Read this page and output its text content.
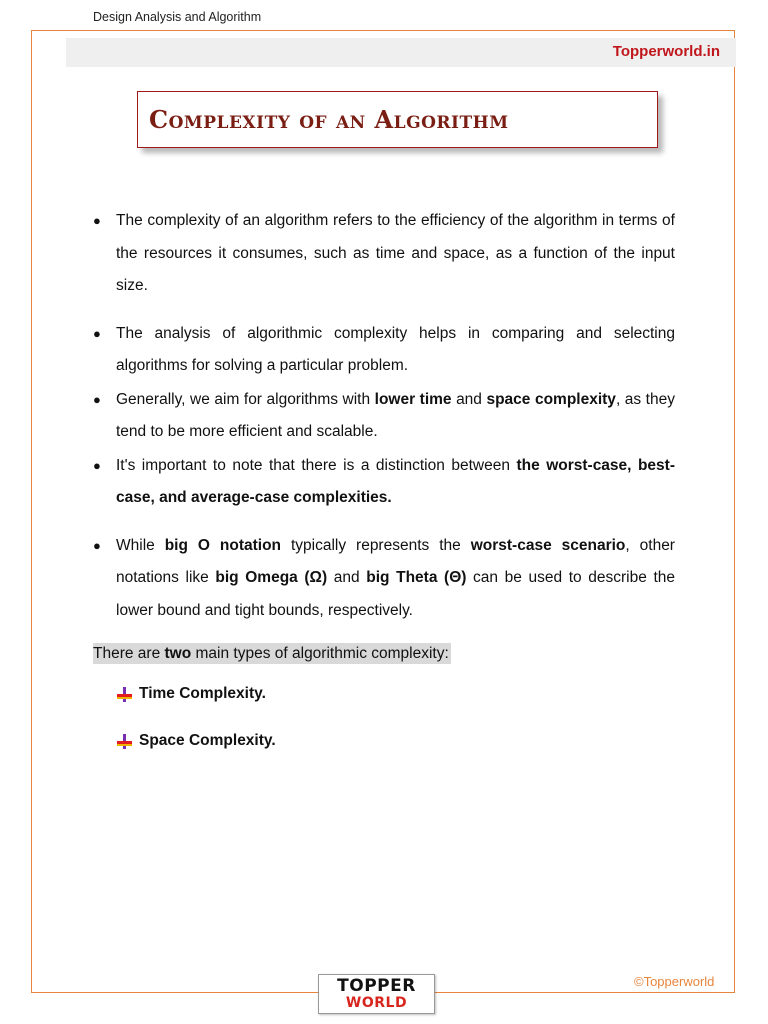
Design Analysis and Algorithm
Topperworld.in
Complexity of an Algorithm
● The complexity of an algorithm refers to the efficiency of the algorithm in terms of the resources it consumes, such as time and space, as a function of the input size.
● The analysis of algorithmic complexity helps in comparing and selecting algorithms for solving a particular problem.
● Generally, we aim for algorithms with lower time and space complexity, as they tend to be more efficient and scalable.
● It's important to note that there is a distinction between the worst-case, best-case, and average-case complexities.
● While big O notation typically represents the worst-case scenario, other notations like big Omega (Ω) and big Theta (Θ) can be used to describe the lower bound and tight bounds, respectively.
There are two main types of algorithmic complexity:
Time Complexity.
Space Complexity.
TOPPER
WORLD
©Topperworld
